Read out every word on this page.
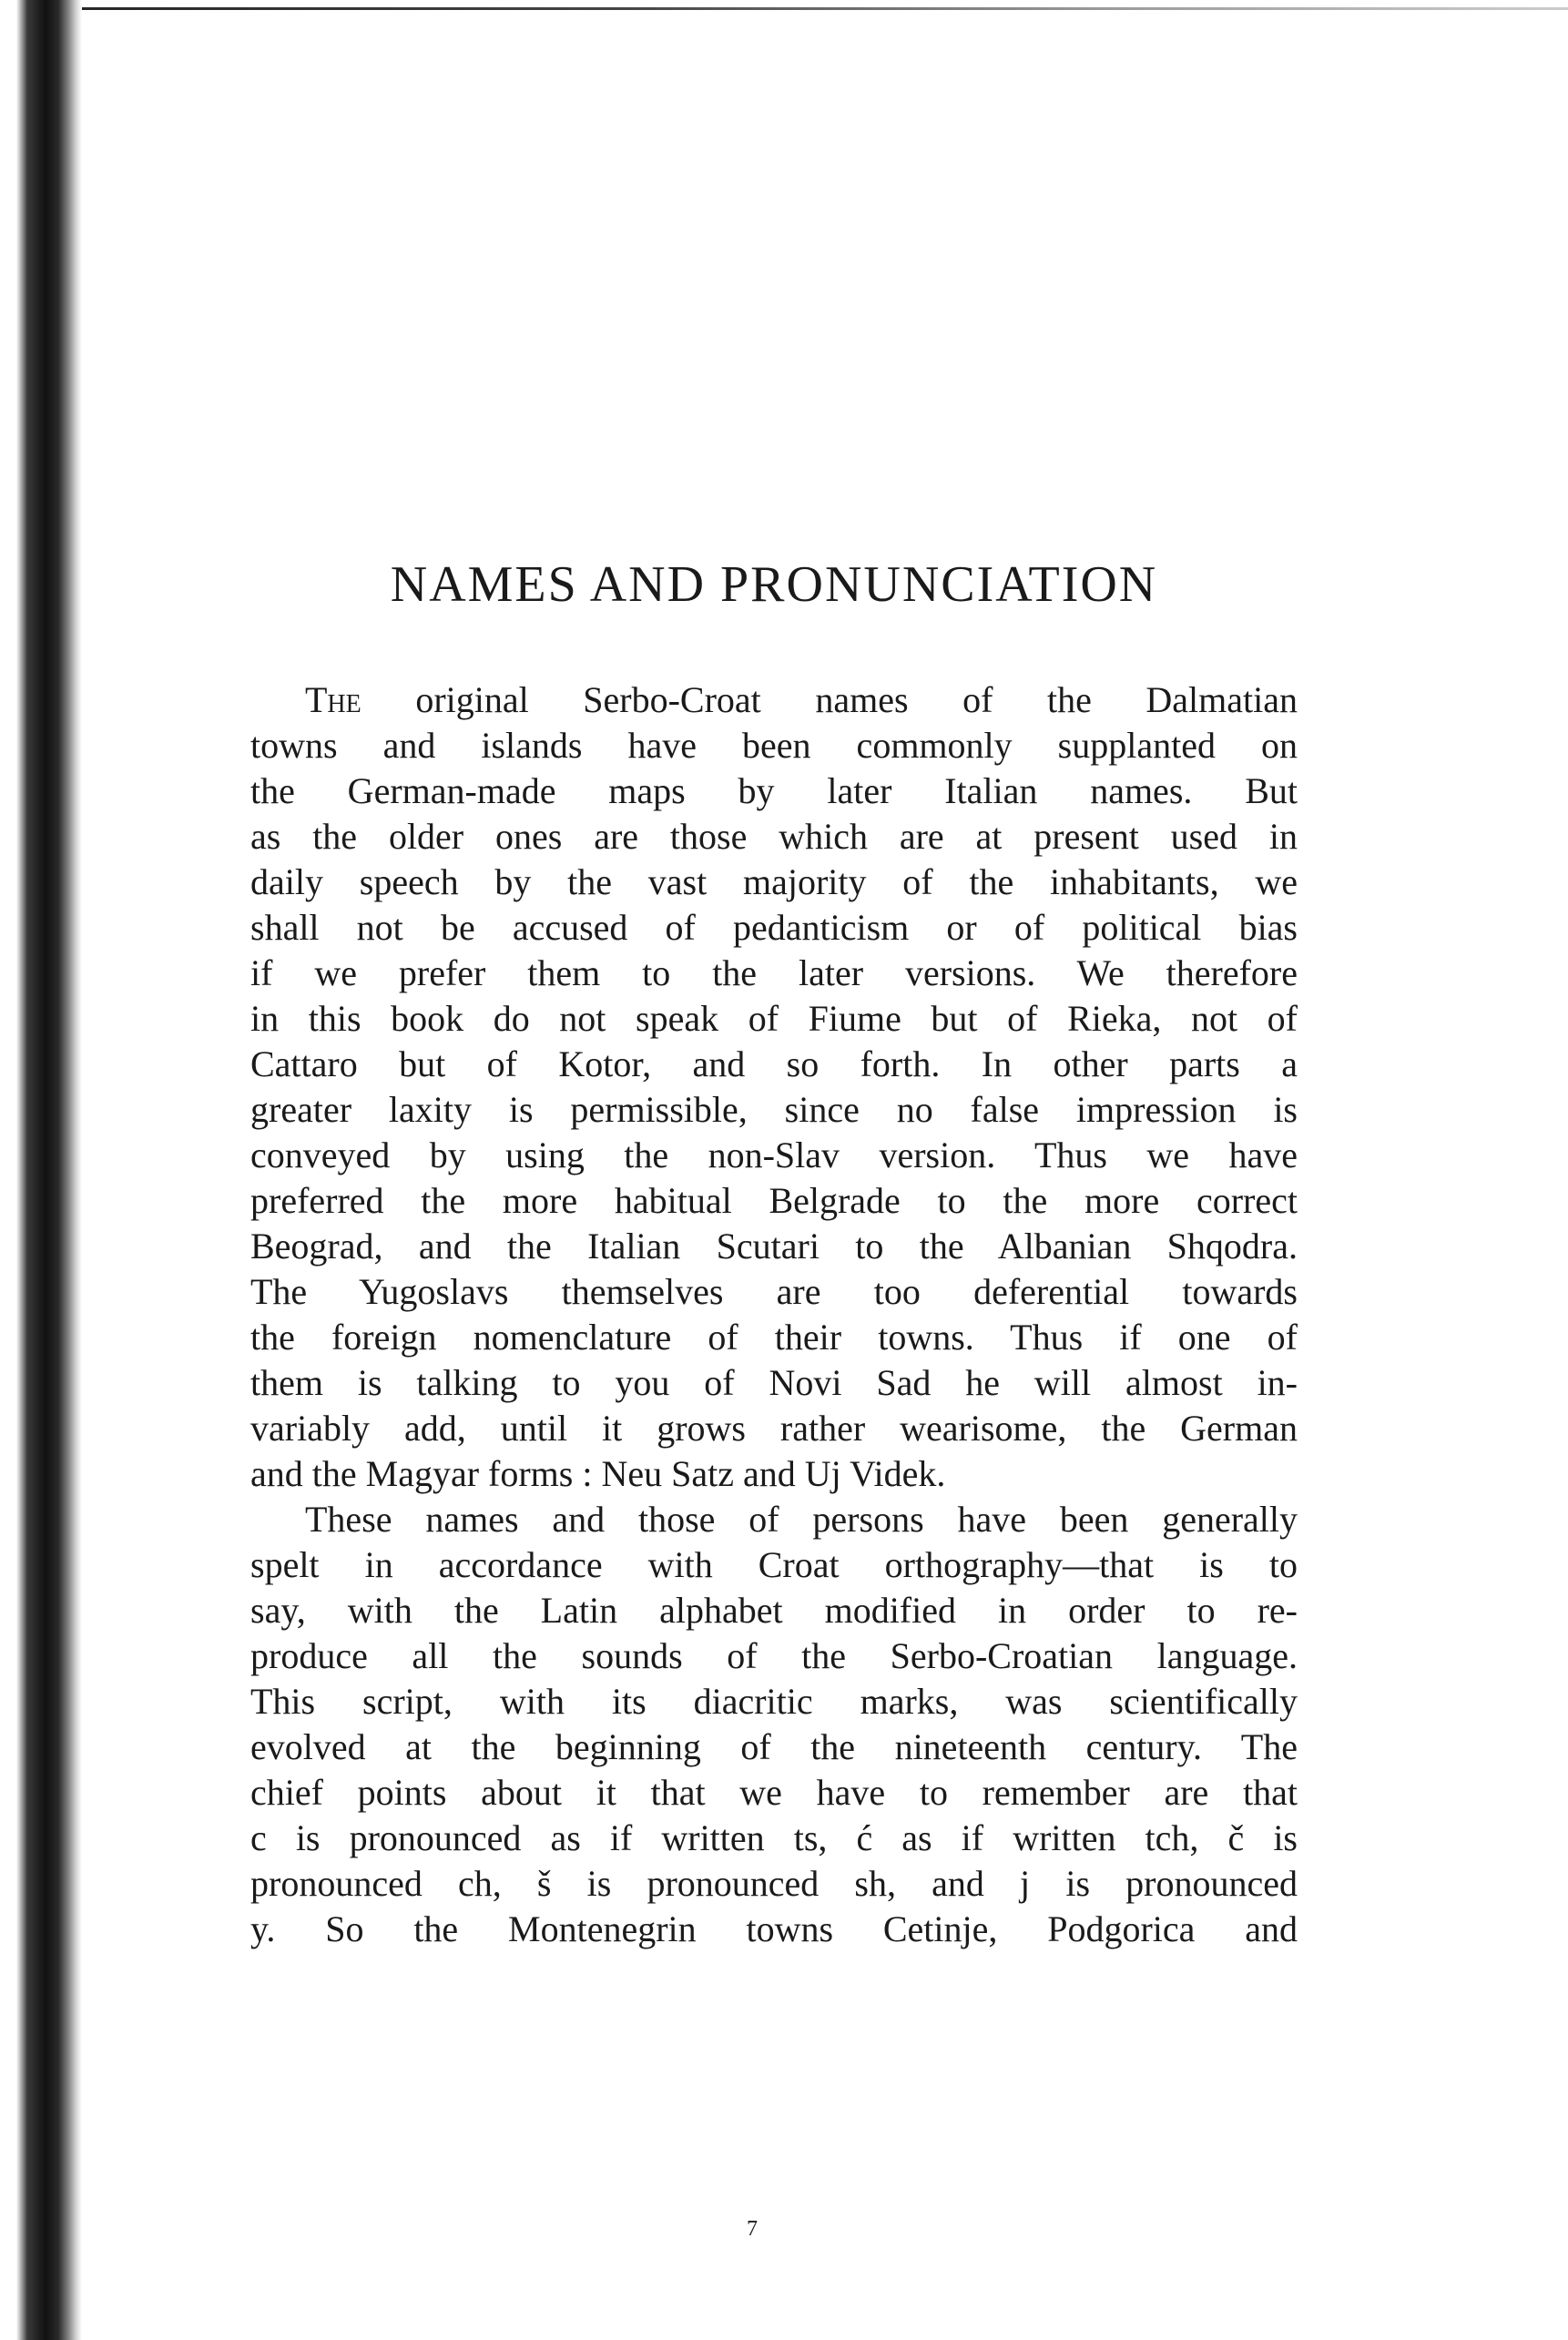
NAMES AND PRONUNCIATION

The original Serbo-Croat names of the Dalmatian
towns and islands have been commonly supplanted on
the German-made maps by later Italian names. But
as the older ones are those which are at present used in
daily speech by the vast majority of the inhabitants, we
shall not be accused of pedanticism or of political bias
if we prefer them to the later versions. We therefore
in this book do not speak of Fiume but of Rieka, not of
Cattaro but of Kotor, and so forth. In other parts a
greater laxity is permissible, since no false impression is
conveyed by using the non-Slav version. Thus we have
preferred the more habitual Belgrade to the more correct
Beograd, and the Italian Scutari to the Albanian Shqodra.
The Yugoslavs themselves are too deferential towards
the foreign nomenclature of their towns. Thus if one of
them is talking to you of Novi Sad he will almost in-
variably add, until it grows rather wearisome, the German
and the Magyar forms : Neu Satz and Uj Videk.

These names and those of persons have been generally
spelt in accordance with Croat orthography—that is to
say, with the Latin alphabet modified in order to re-
produce all the sounds of the Serbo-Croatian language.
This script, with its diacritic marks, was scientifically
evolved at the beginning of the nineteenth century. The
chief points about it that we have to remember are that
c is pronounced as if written ts, ć as if written tch, č is
pronounced ch, š is pronounced sh, and j is pronounced
y. So the Montenegrin towns Cetinje, Podgorica and

7
